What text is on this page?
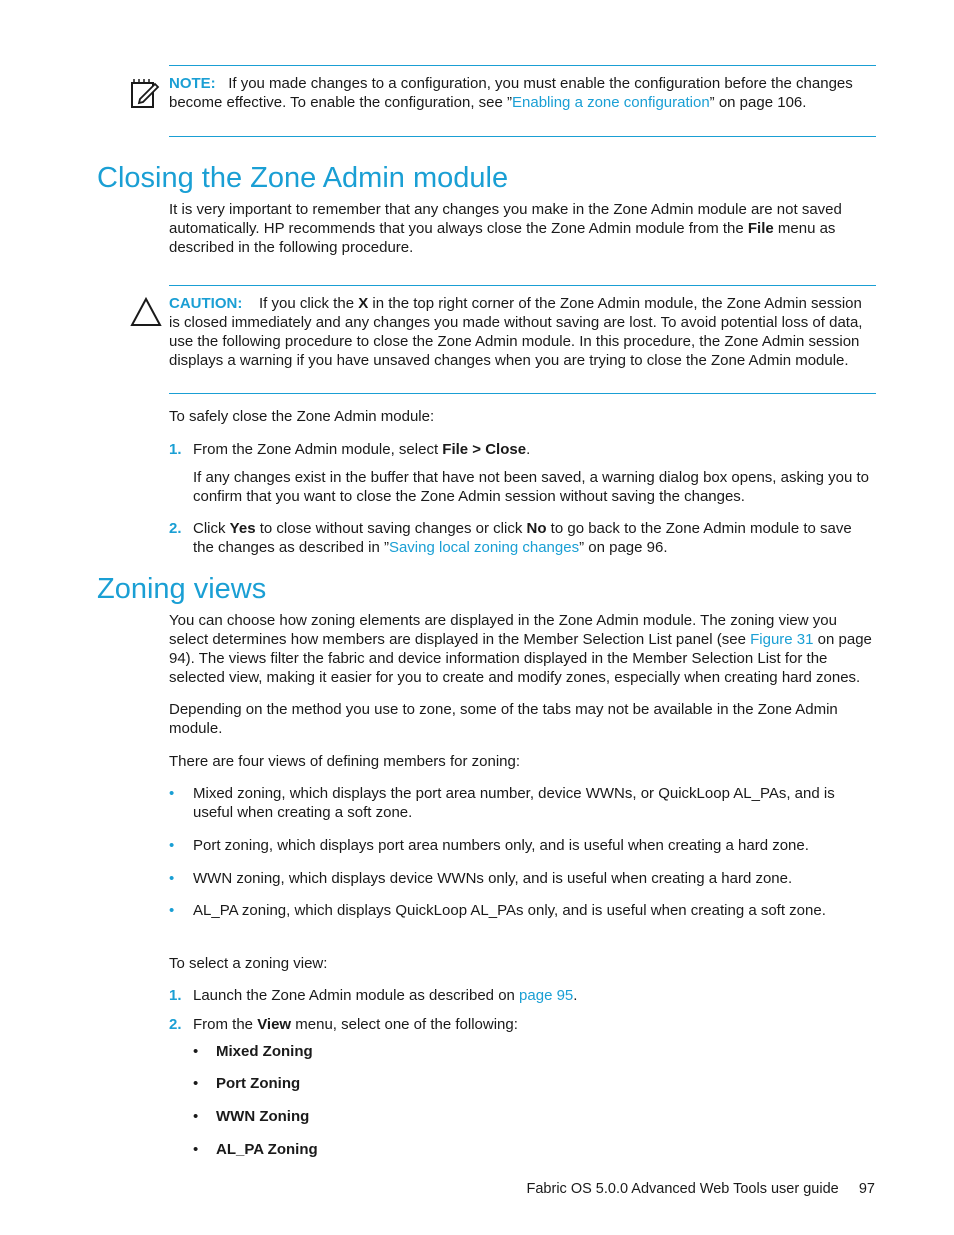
NOTE: If you made changes to a configuration, you must enable the configuration before the changes become effective. To enable the configuration, see ”Enabling a zone configuration” on page 106.
Closing the Zone Admin module
It is very important to remember that any changes you make in the Zone Admin module are not saved automatically. HP recommends that you always close the Zone Admin module from the File menu as described in the following procedure.
CAUTION: If you click the X in the top right corner of the Zone Admin module, the Zone Admin session is closed immediately and any changes you made without saving are lost. To avoid potential loss of data, use the following procedure to close the Zone Admin module. In this procedure, the Zone Admin session displays a warning if you have unsaved changes when you are trying to close the Zone Admin module.
To safely close the Zone Admin module:
1. From the Zone Admin module, select File > Close.
If any changes exist in the buffer that have not been saved, a warning dialog box opens, asking you to confirm that you want to close the Zone Admin session without saving the changes.
2. Click Yes to close without saving changes or click No to go back to the Zone Admin module to save the changes as described in ”Saving local zoning changes” on page 96.
Zoning views
You can choose how zoning elements are displayed in the Zone Admin module. The zoning view you select determines how members are displayed in the Member Selection List panel (see Figure 31 on page 94). The views filter the fabric and device information displayed in the Member Selection List for the selected view, making it easier for you to create and modify zones, especially when creating hard zones.
Depending on the method you use to zone, some of the tabs may not be available in the Zone Admin module.
There are four views of defining members for zoning:
• Mixed zoning, which displays the port area number, device WWNs, or QuickLoop AL_PAs, and is useful when creating a soft zone.
• Port zoning, which displays port area numbers only, and is useful when creating a hard zone.
• WWN zoning, which displays device WWNs only, and is useful when creating a hard zone.
• AL_PA zoning, which displays QuickLoop AL_PAs only, and is useful when creating a soft zone.
To select a zoning view:
1. Launch the Zone Admin module as described on page 95.
2. From the View menu, select one of the following:
• Mixed Zoning
• Port Zoning
• WWN Zoning
• AL_PA Zoning
Fabric OS 5.0.0 Advanced Web Tools user guide 97
